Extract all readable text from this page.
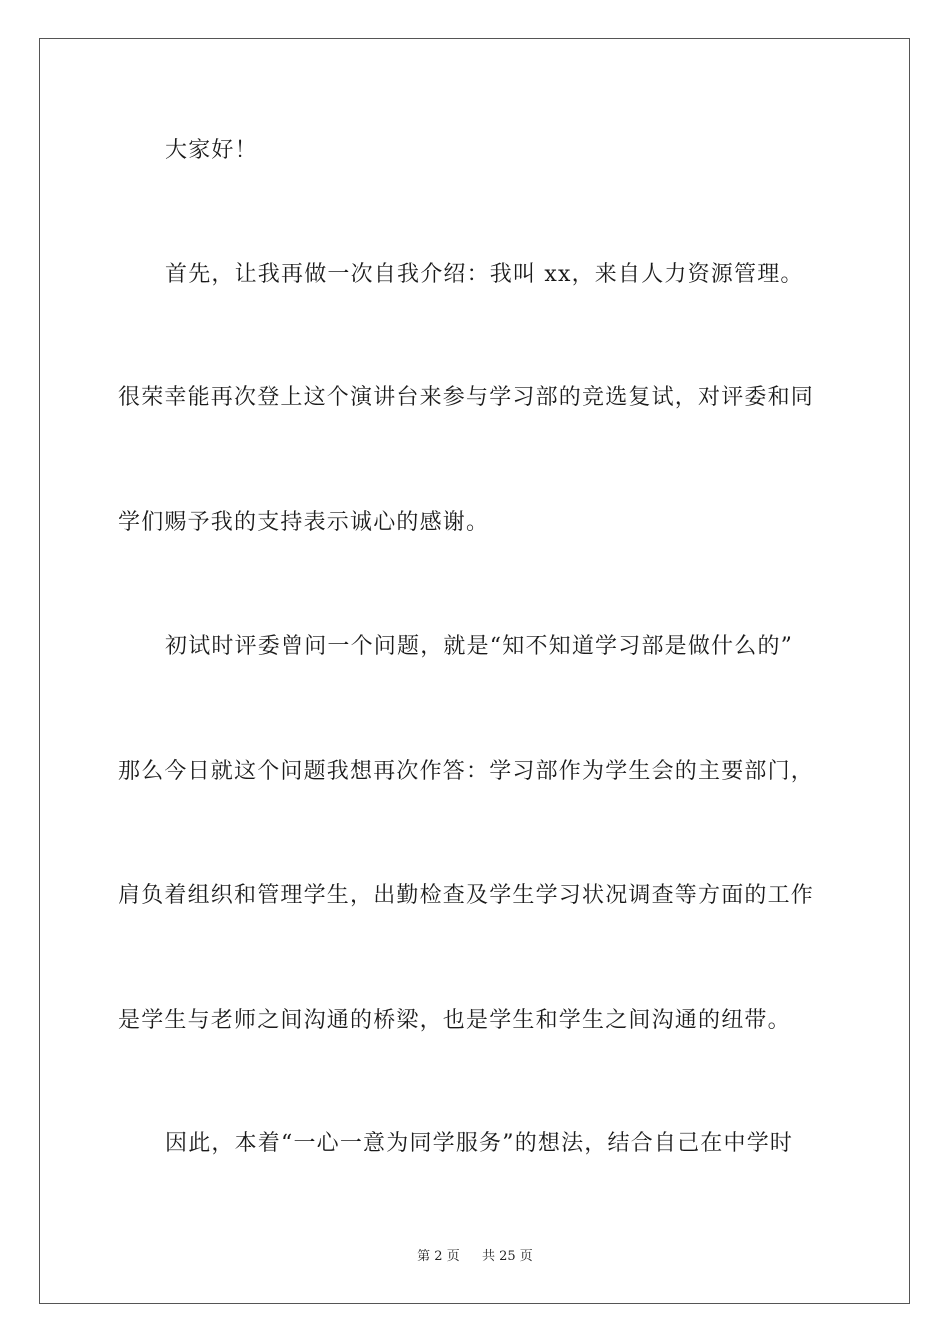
大家好！
首先，让我再做一次自我介绍：我叫 xx，来自人力资源管理。
很荣幸能再次登上这个演讲台来参与学习部的竞选复试，对评委和同
学们赐予我的支持表示诚心的感谢。
初试时评委曾问一个问题，就是“知不知道学习部是做什么的”
那么今日就这个问题我想再次作答：学习部作为学生会的主要部门，
肩负着组织和管理学生，出勤检查及学生学习状况调查等方面的工作
是学生与老师之间沟通的桥梁，也是学生和学生之间沟通的纽带。
因此，本着“一心一意为同学服务”的想法，结合自己在中学时
第 2 页 共 25 页
